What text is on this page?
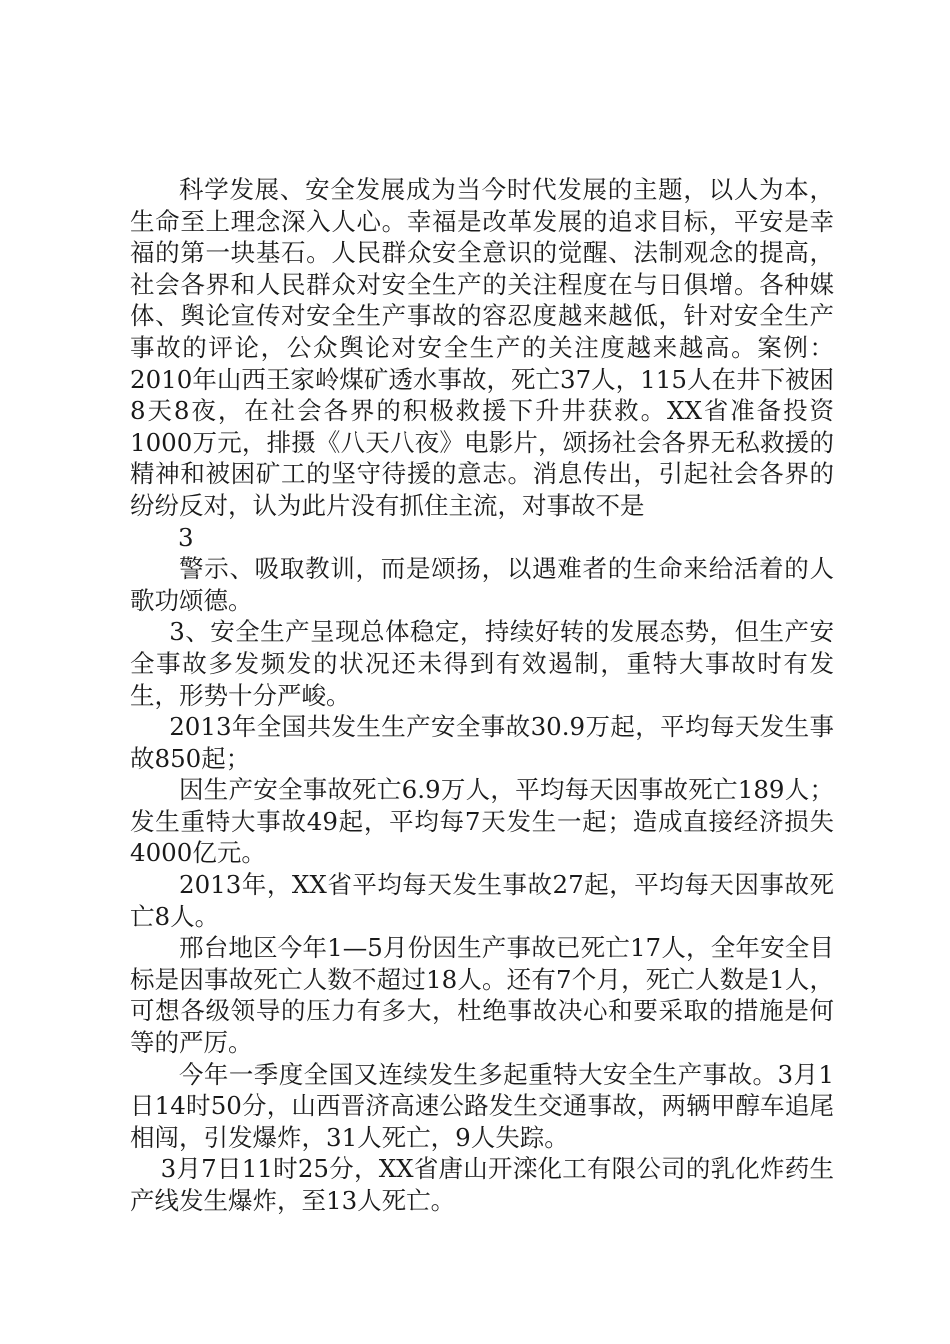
科学发展、安全发展成为当今时代发展的主题，以人为本，生命至上理念深入人心。幸福是改革发展的追求目标，平安是幸福的第一块基石。人民群众安全意识的觉醒、法制观念的提高，社会各界和人民群众对安全生产的关注程度在与日俱增。各种媒体、舆论宣传对安全生产事故的容忍度越来越低，针对安全生产事故的评论，公众舆论对安全生产的关注度越来越高。案例：2010年山西王家岭煤矿透水事故，死亡37人，115人在井下被困8天8夜，在社会各界的积极救援下升井获救。XX省准备投资1000万元，排摄《八天八夜》电影片，颂扬社会各界无私救援的精神和被困矿工的坚守待援的意志。消息传出，引起社会各界的纷纷反对，认为此片没有抓住主流，对事故不是

3

警示、吸取教训，而是颂扬，以遇难者的生命来给活着的人歌功颂德。

3、安全生产呈现总体稳定，持续好转的发展态势，但生产安全事故多发频发的状况还未得到有效遏制，重特大事故时有发生，形势十分严峻。

2013年全国共发生生产安全事故30.9万起，平均每天发生事故850起；

因生产安全事故死亡6.9万人，平均每天因事故死亡189人；发生重特大事故49起，平均每7天发生一起；造成直接经济损失4000亿元。

2013年，XX省平均每天发生事故27起，平均每天因事故死亡8人。

邢台地区今年1—5月份因生产事故已死亡17人，全年安全目标是因事故死亡人数不超过18人。还有7个月，死亡人数是1人，可想各级领导的压力有多大，杜绝事故决心和要采取的措施是何等的严厉。

今年一季度全国又连续发生多起重特大安全生产事故。3月1日14时50分，山西晋济高速公路发生交通事故，两辆甲醇车追尾相闯，引发爆炸，31人死亡，9人失踪。

3月7日11时25分，XX省唐山开滦化工有限公司的乳化炸药生产线发生爆炸，至13人死亡。
